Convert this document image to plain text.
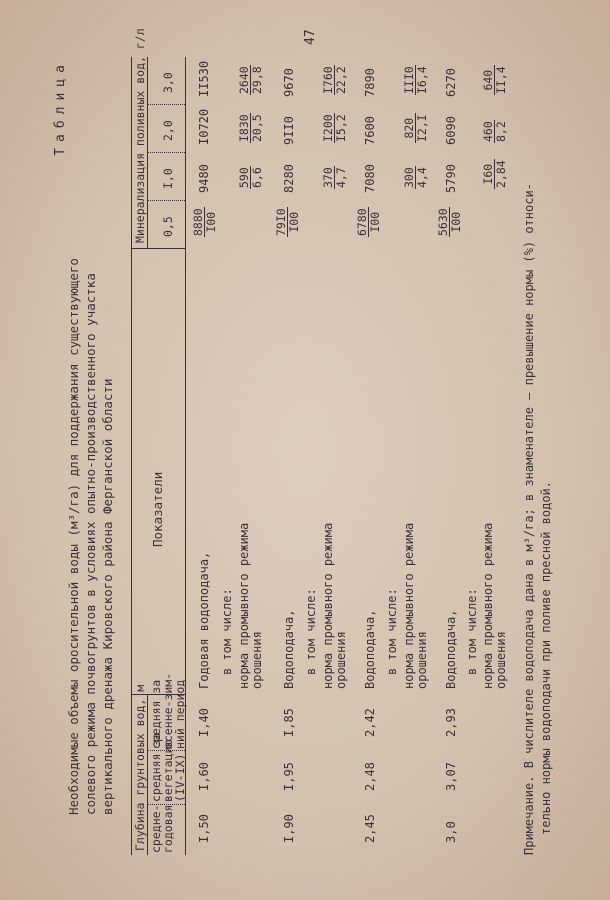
47
Таблица
Необходимые объемы оросительной воды (м³/га) для поддержания существующего солевого режима почвогрунтов в условиях опытно-производственного участка вертикального дренажа Кировского района Ферганской области Глубина грунтовых вод, м средне-
годовая
средняя за
вегетацию
(IV-IX)
средняя за
осенне-зим-
ний период
Показатели
Минерализация поливных вод, г/л 0,5
I,0
2,0
3,0
I,50
I,60
I,40
Годовая водоподача,
8880 I00
9480
I0720
II530
в том числе: норма промывного режима орошения
590 6,6
I830 20,5
2640 29,8
Водоподача,
79I0 I00
8280
9II0
9670
I,90
I,95
I,85
в том числе: норма промывного режима орошения
370 4,7
I200 I5,2
I760 22,2
Водоподача,
6780 I00
7080
7600
7890
2,45
2,48
2,42
в том числе: норма промывного режима орошения
300 4,4
820 I2,I
III0 I6,4
Водоподача,
5630 I00
5790
6090
6270
3,0
3,07
2,93
в том числе: норма промывного режима орошения
I60 2,84
460 8,2
640 II,4
Примечание. В числителе водоподача дана в м³/га; в знаменателе – превышение нормы (%) относи- тельно нормы водоподачи при поливе пресной водой.
